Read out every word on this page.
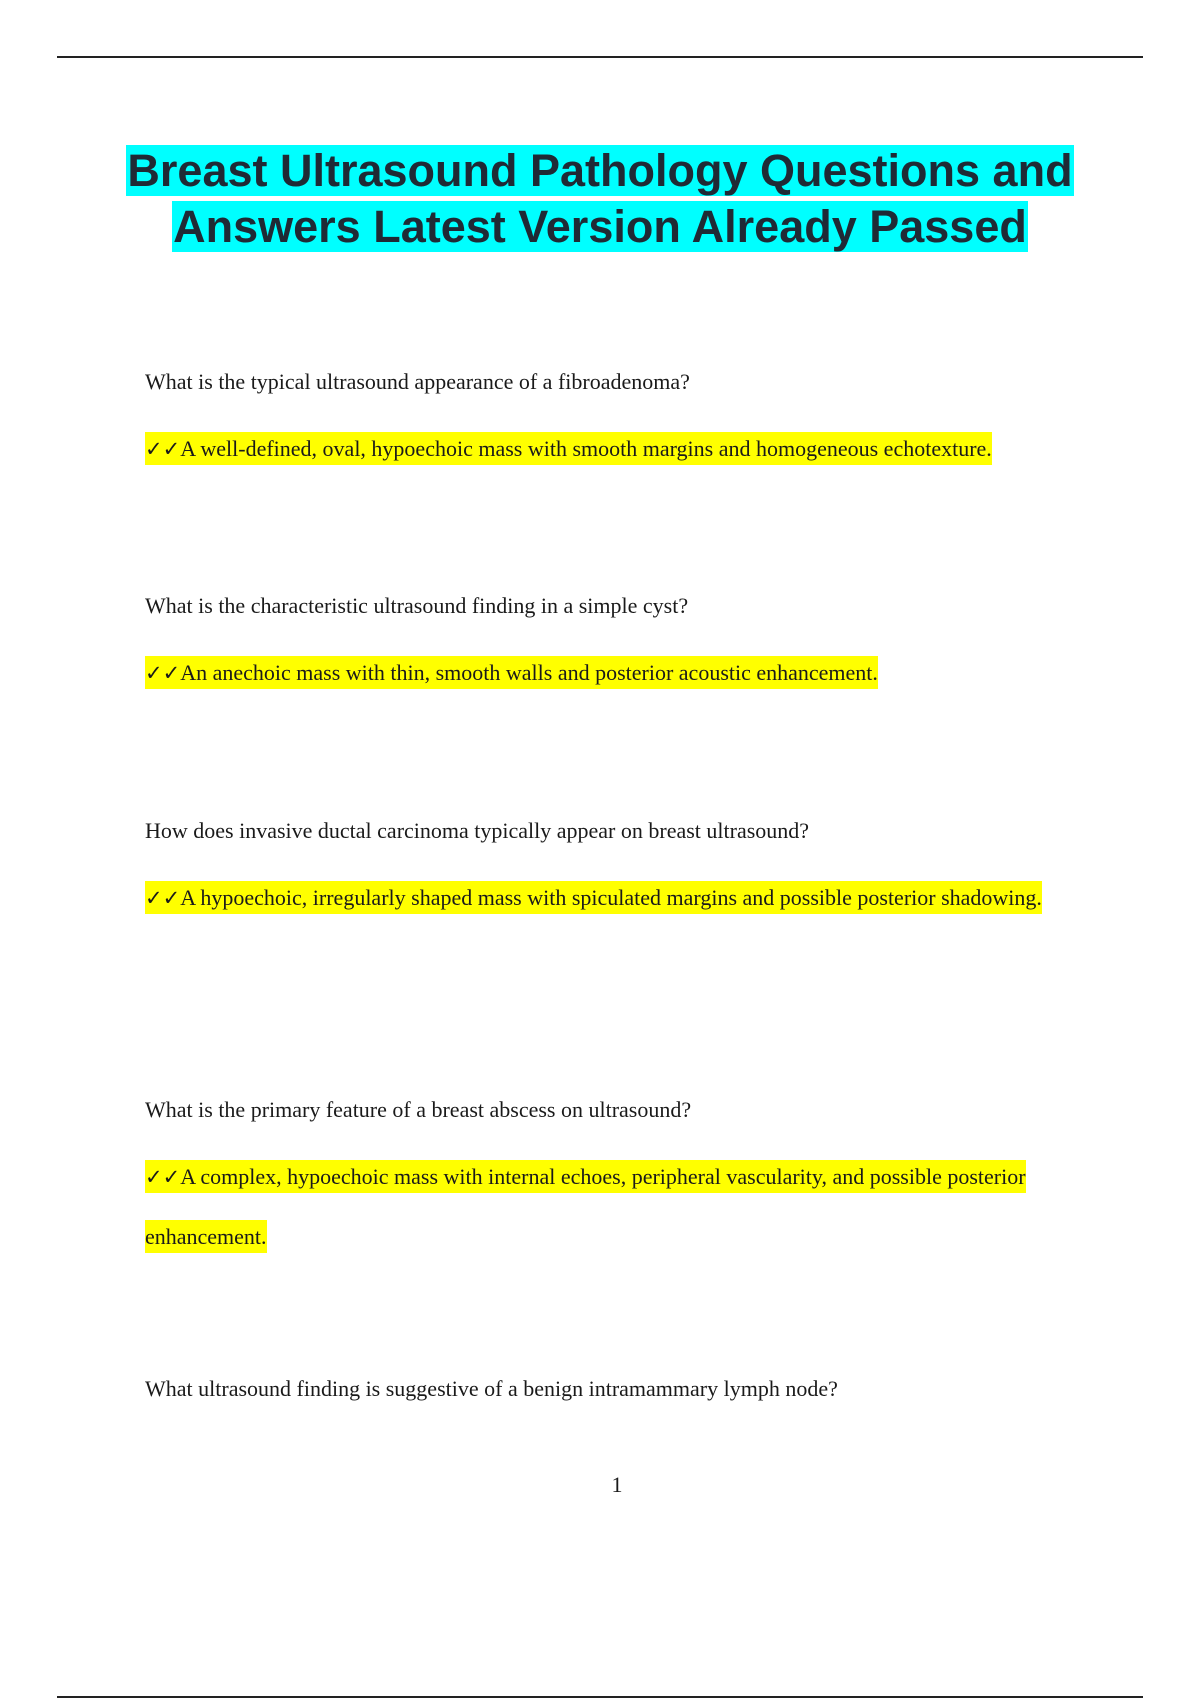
Breast Ultrasound Pathology Questions and Answers Latest Version Already Passed

What is the typical ultrasound appearance of a fibroadenoma?

✓✓A well-defined, oval, hypoechoic mass with smooth margins and homogeneous echotexture.

What is the characteristic ultrasound finding in a simple cyst?

✓✓An anechoic mass with thin, smooth walls and posterior acoustic enhancement.

How does invasive ductal carcinoma typically appear on breast ultrasound?

✓✓A hypoechoic, irregularly shaped mass with spiculated margins and possible posterior shadowing.

What is the primary feature of a breast abscess on ultrasound?

✓✓A complex, hypoechoic mass with internal echoes, peripheral vascularity, and possible posterior enhancement.

What ultrasound finding is suggestive of a benign intramammary lymph node?

1
